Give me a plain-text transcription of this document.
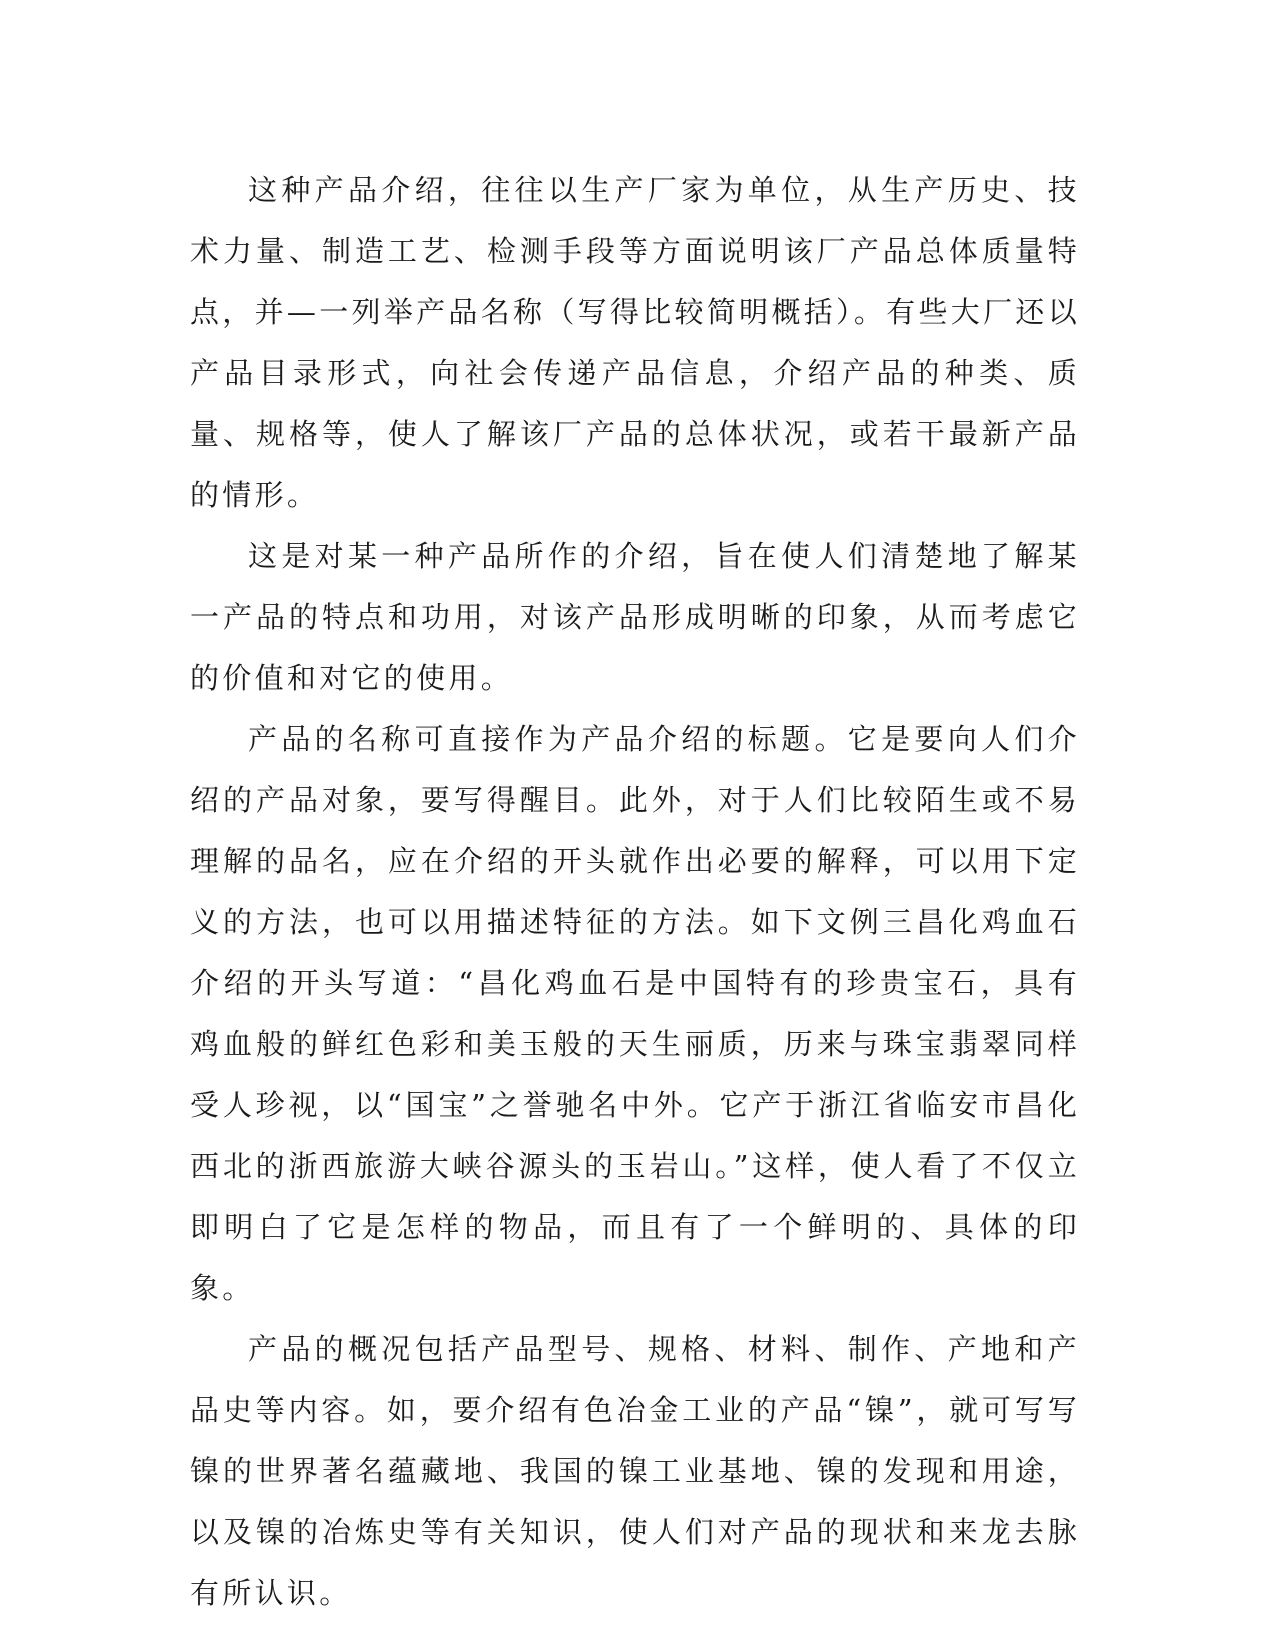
这种产品介绍，往往以生产厂家为单位，从生产历史、技术力量、制造工艺、检测手段等方面说明该厂产品总体质量特点，并—一列举产品名称（写得比较简明概括）。有些大厂还以产品目录形式，向社会传递产品信息，介绍产品的种类、质量、规格等，使人了解该厂产品的总体状况，或若干最新产品的情形。

这是对某一种产品所作的介绍，旨在使人们清楚地了解某一产品的特点和功用，对该产品形成明晰的印象，从而考虑它的价值和对它的使用。

产品的名称可直接作为产品介绍的标题。它是要向人们介绍的产品对象，要写得醒目。此外，对于人们比较陌生或不易理解的品名，应在介绍的开头就作出必要的解释，可以用下定义的方法，也可以用描述特征的方法。如下文例三昌化鸡血石介绍的开头写道：“昌化鸡血石是中国特有的珍贵宝石，具有鸡血般的鲜红色彩和美玉般的天生丽质，历来与珠宝翡翠同样受人珍视，以“国宝”之誉驰名中外。它产于浙江省临安市昌化西北的浙西旅游大峡谷源头的玉岩山。”这样，使人看了不仅立即明白了它是怎样的物品，而且有了一个鲜明的、具体的印象。

产品的概况包括产品型号、规格、材料、制作、产地和产品史等内容。如，要介绍有色冶金工业的产品“镍”，就可写写镍的世界著名蕴藏地、我国的镍工业基地、镍的发现和用途，以及镍的冶炼史等有关知识，使人们对产品的现状和来龙去脉有所认识。
